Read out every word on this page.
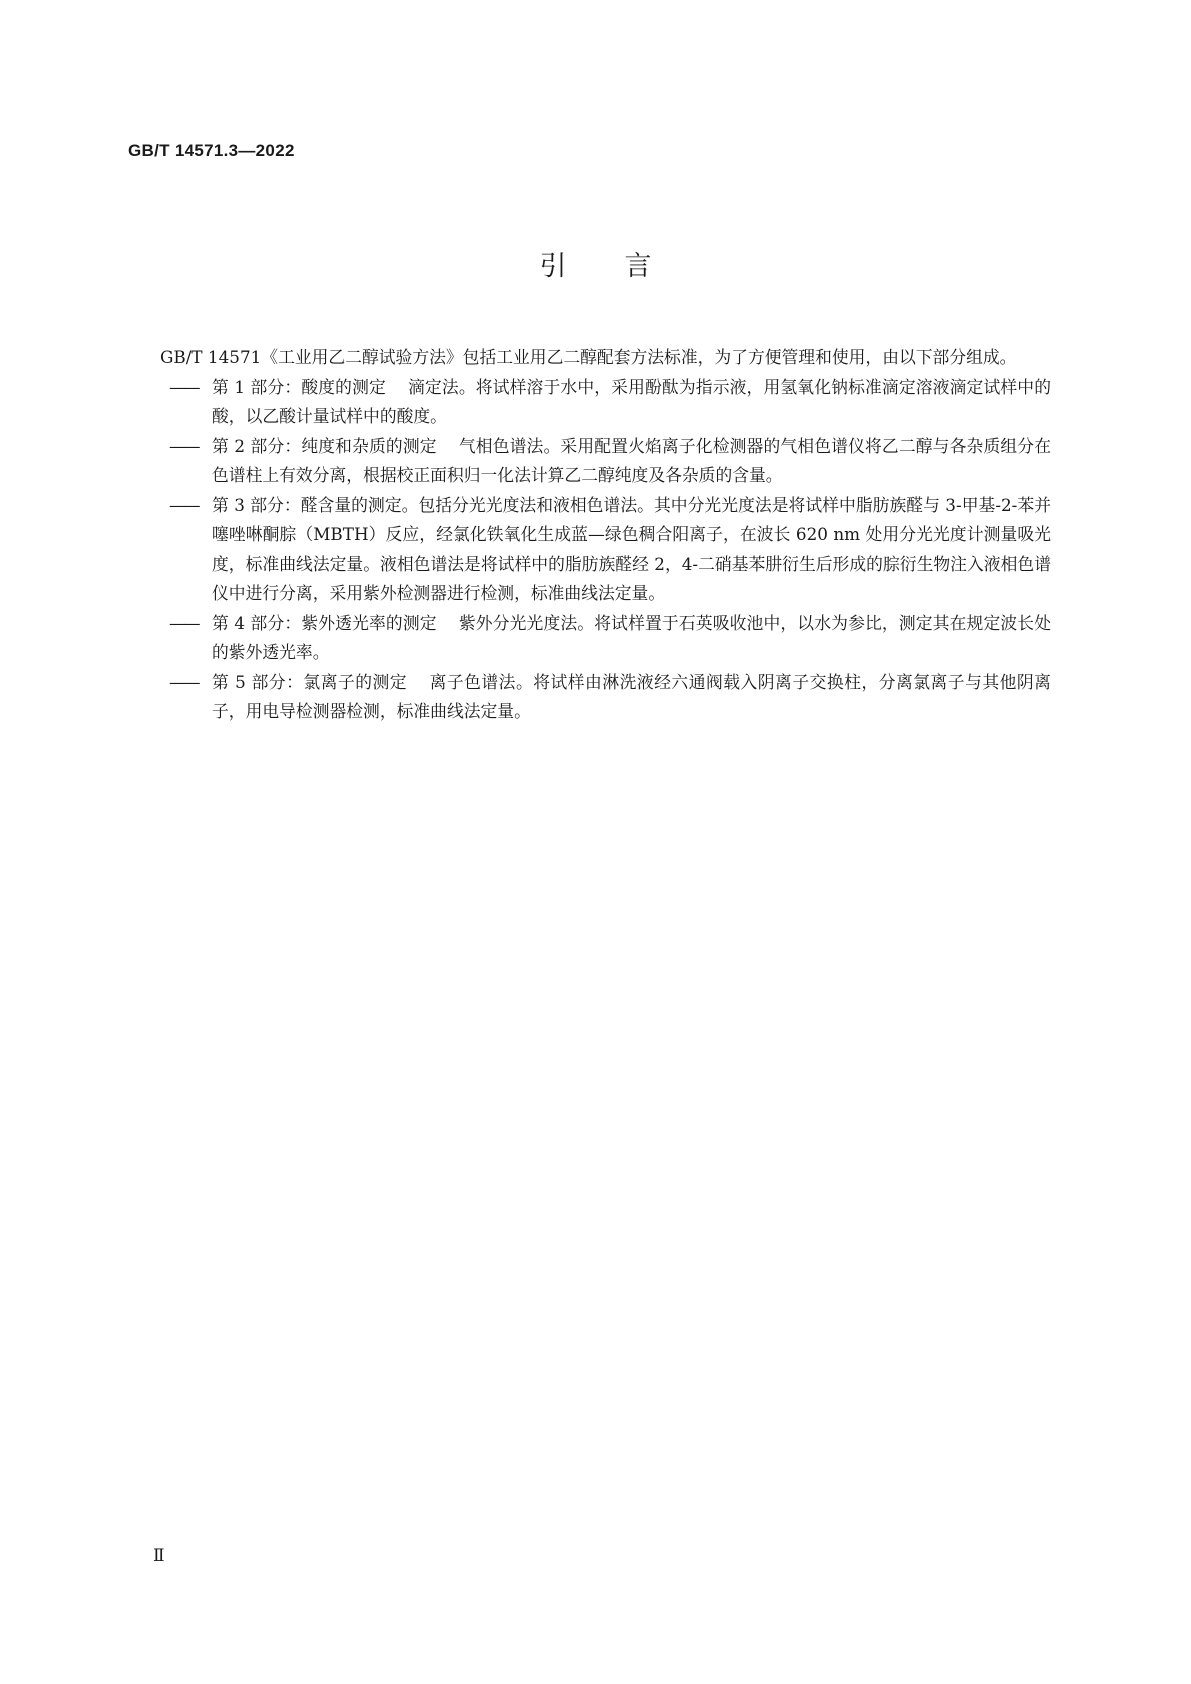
GB/T 14571.3—2022
引言

GB/T 14571《工业用乙二醇试验方法》包括工业用乙二醇配套方法标准，为了方便管理和使用，由以下部分组成。

—— 第 1 部分：酸度的测定 滴定法。将试样溶于水中，采用酚酞为指示液，用氢氧化钠标准滴定溶液滴定试样中的酸，以乙酸计量试样中的酸度。

—— 第 2 部分：纯度和杂质的测定 气相色谱法。采用配置火焰离子化检测器的气相色谱仪将乙二醇与各杂质组分在色谱柱上有效分离，根据校正面积归一化法计算乙二醇纯度及各杂质的含量。

—— 第 3 部分：醛含量的测定。包括分光光度法和液相色谱法。其中分光光度法是将试样中脂肪族醛与 3-甲基-2-苯并噻唑啉酮腙（MBTH）反应，经氯化铁氧化生成蓝—绿色稠合阳离子，在波长 620 nm 处用分光光度计测量吸光度，标准曲线法定量。液相色谱法是将试样中的脂肪族醛经 2，4-二硝基苯肼衍生后形成的腙衍生物注入液相色谱仪中进行分离，采用紫外检测器进行检测，标准曲线法定量。

—— 第 4 部分：紫外透光率的测定 紫外分光光度法。将试样置于石英吸收池中，以水为参比，测定其在规定波长处的紫外透光率。

—— 第 5 部分：氯离子的测定 离子色谱法。将试样由淋洗液经六通阀载入阴离子交换柱，分离氯离子与其他阴离子，用电导检测器检测，标准曲线法定量。

Ⅱ
